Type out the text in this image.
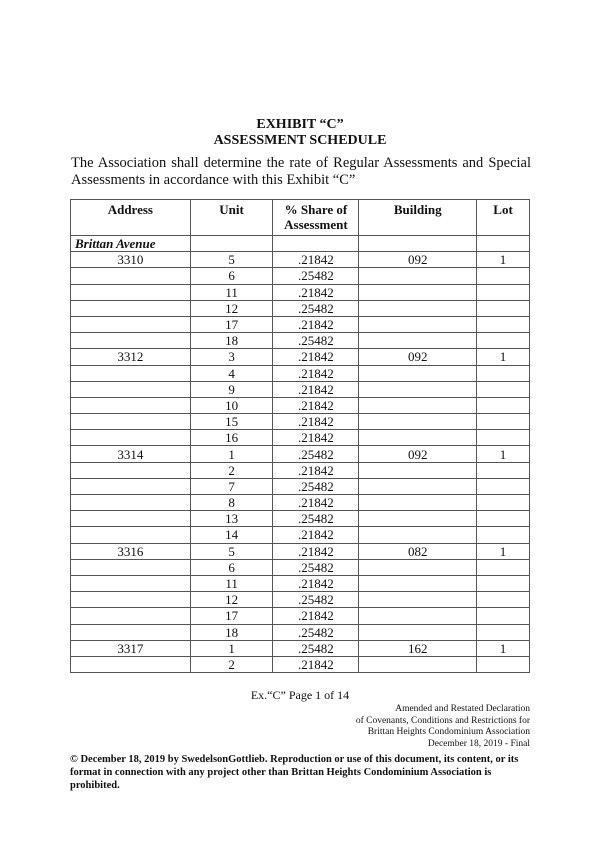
EXHIBIT “C”
ASSESSMENT SCHEDULE
The Association shall determine the rate of Regular Assessments and Special Assessments in accordance with this Exhibit “C”
Address	Unit	% Share of Assessment	Building	Lot
Brittan Avenue				
3310	5	.21842	092	1
	6	.25482		
	11	.21842		
	12	.25482		
	17	.21842		
	18	.25482		
3312	3	.21842	092	1
	4	.21842		
	9	.21842		
	10	.21842		
	15	.21842		
	16	.21842		
3314	1	.25482	092	1
	2	.21842		
	7	.25482		
	8	.21842		
	13	.25482		
	14	.21842		
3316	5	.21842	082	1
	6	.25482		
	11	.21842		
	12	.25482		
	17	.21842		
	18	.25482		
3317	1	.25482	162	1
	2	.21842		
Ex.“C” Page 1 of 14
Amended and Restated Declaration
of Covenants, Conditions and Restrictions for
Brittan Heights Condominium Association
December 18, 2019 - Final
© December 18, 2019 by SwedelsonGottlieb. Reproduction or use of this document, its content, or its format in connection with any project other than Brittan Heights Condominium Association is prohibited.
